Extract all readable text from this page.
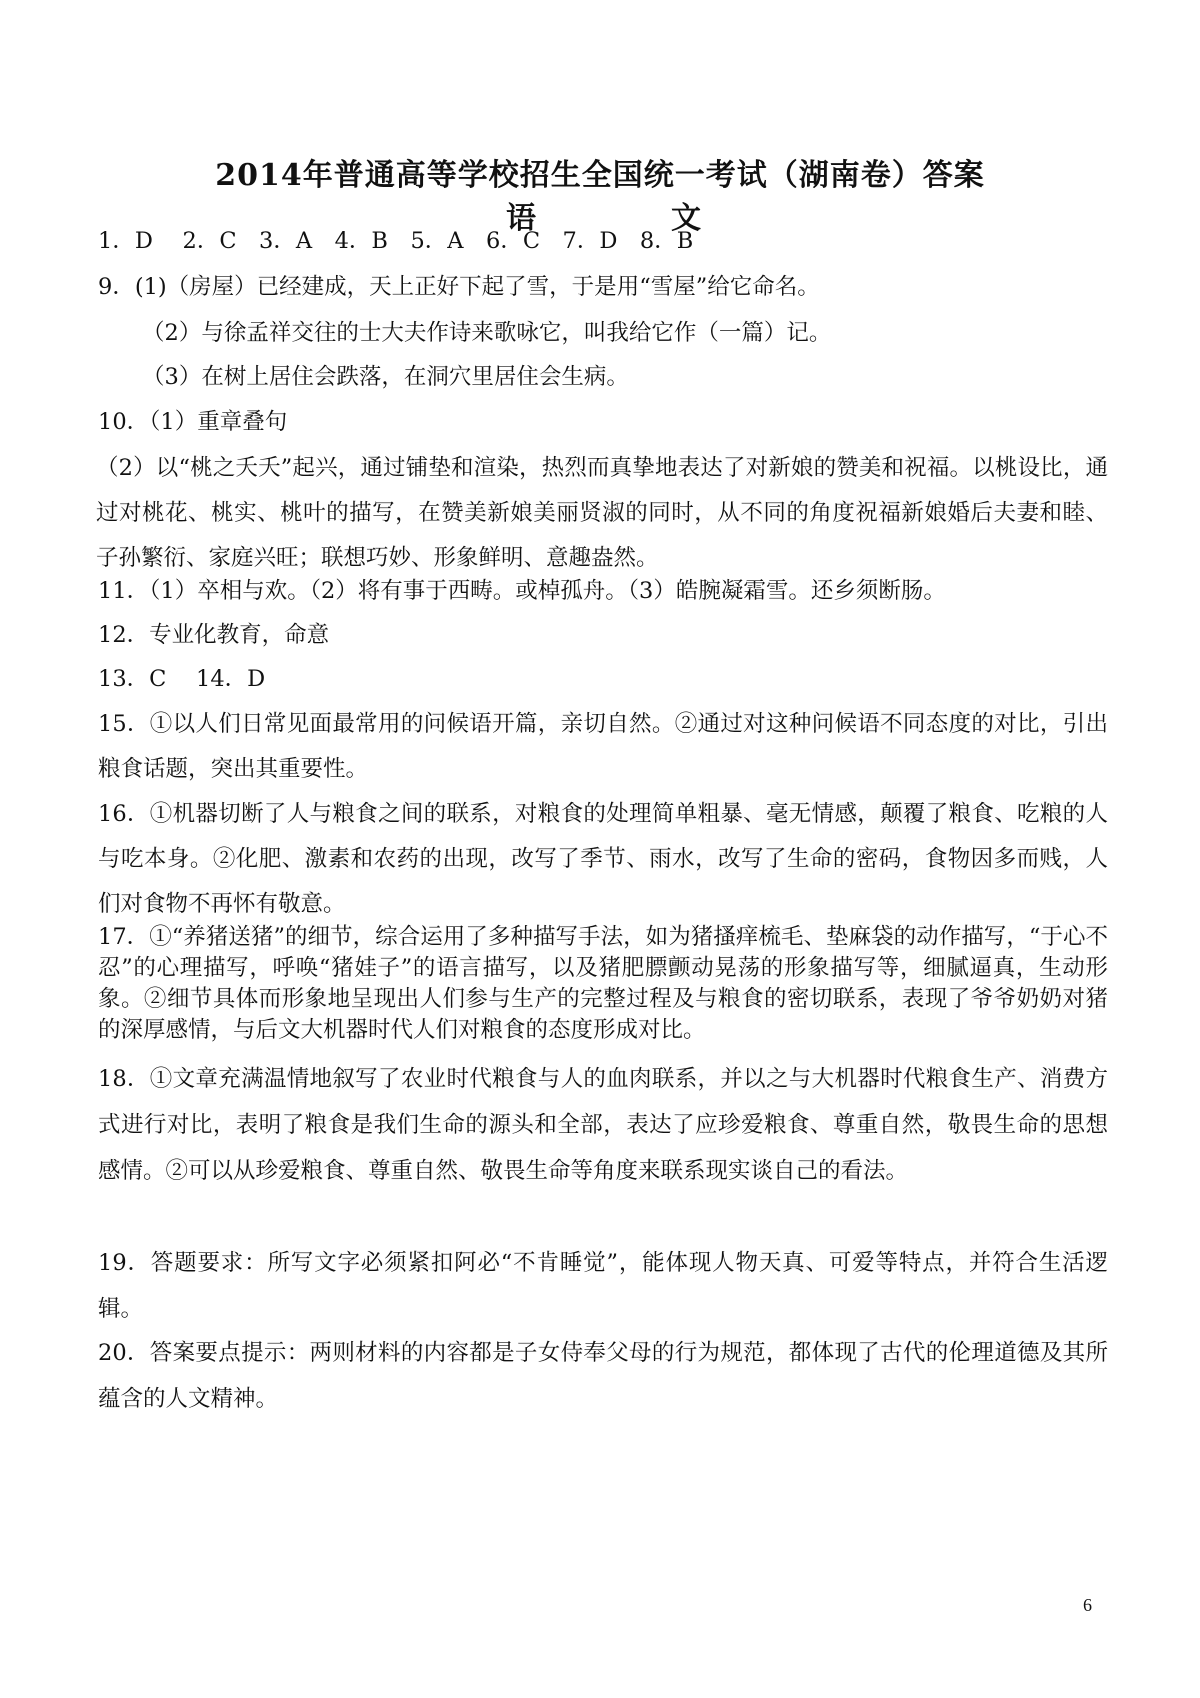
2014年普通高等学校招生全国统一考试（湖南卷）答案
语	文
1．D　 2．C　3．A　4．B　5．A　6．C　7．D　8．B
9．(1)（房屋）已经建成，天上正好下起了雪，于是用“雪屋”给它命名。
（2）与徐孟祥交往的士大夫作诗来歌咏它，叫我给它作（一篇）记。
（3）在树上居住会跌落，在洞穴里居住会生病。
10．（1）重章叠句
（2）以“桃之夭夭”起兴，通过铺垫和渲染，热烈而真挚地表达了对新娘的赞美和祝福。以桃设比，通过对桃花、桃实、桃叶的描写，在赞美新娘美丽贤淑的同时，从不同的角度祝福新娘婚后夫妻和睦、子孙繁衍、家庭兴旺；联想巧妙、形象鲜明、意趣盎然。
11．（1）卒相与欢。（2）将有事于西畴。或棹孤舟。（3）皓腕凝霜雪。还乡须断肠。
12．专业化教育，命意
13．C　 14．D
15．①以人们日常见面最常用的问候语开篇，亲切自然。②通过对这种问候语不同态度的对比，引出粮食话题，突出其重要性。
16．①机器切断了人与粮食之间的联系，对粮食的处理简单粗暴、毫无情感，颠覆了粮食、吃粮的人与吃本身。②化肥、激素和农药的出现，改写了季节、雨水，改写了生命的密码，食物因多而贱，人们对食物不再怀有敬意。
17．①“养猪送猪”的细节，综合运用了多种描写手法，如为猪搔痒梳毛、垫麻袋的动作描写，“于心不忍”的心理描写，呼唤“猪娃子”的语言描写，以及猪肥膘颤动晃荡的形象描写等，细腻逼真，生动形象。②细节具体而形象地呈现出人们参与生产的完整过程及与粮食的密切联系，表现了爷爷奶奶对猪的深厚感情，与后文大机器时代人们对粮食的态度形成对比。
18．①文章充满温情地叙写了农业时代粮食与人的血肉联系，并以之与大机器时代粮食生产、消费方式进行对比，表明了粮食是我们生命的源头和全部，表达了应珍爱粮食、尊重自然，敬畏生命的思想感情。②可以从珍爱粮食、尊重自然、敬畏生命等角度来联系现实谈自己的看法。
19．答题要求：所写文字必须紧扣阿必“不肯睡觉”，能体现人物天真、可爱等特点，并符合生活逻辑。
20．答案要点提示：两则材料的内容都是子女侍奉父母的行为规范，都体现了古代的伦理道德及其所蕴含的人文精神。
6
